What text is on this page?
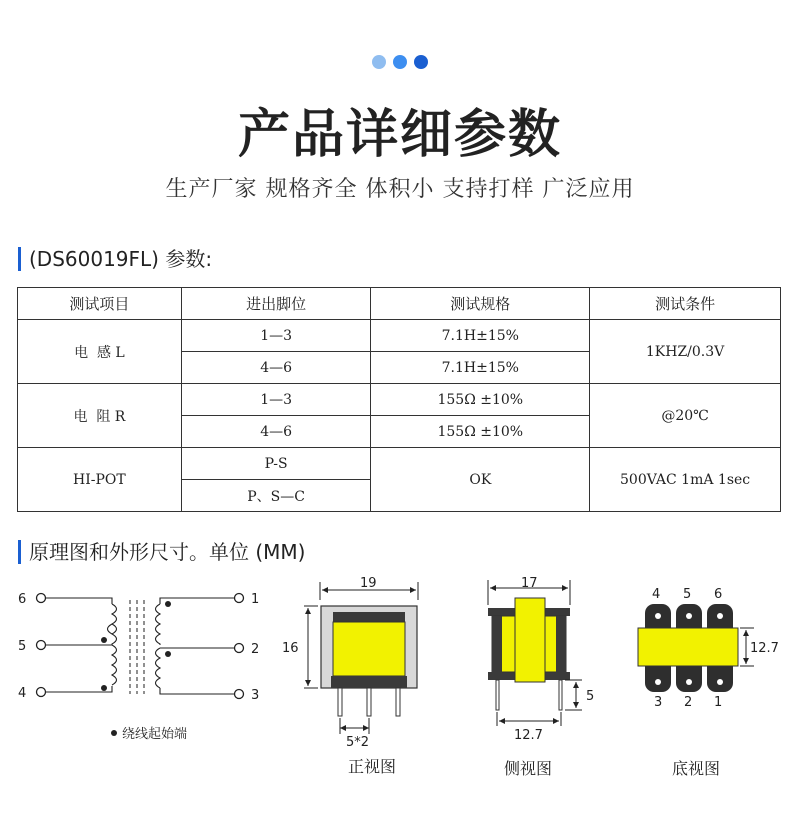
产品详细参数
生产厂家 规格齐全 体积小 支持打样 广泛应用
(DS60019FL) 参数:
测试项目	进出脚位	测试规格	测试条件
电  感 L	1—3	7.1H±15%	1KHZ/0.3V
	4—6	7.1H±15%	
电  阻 R	1—3	155Ω ±10%	@20℃
	4—6	155Ω ±10%	
HI-POT	P-S	OK	500VAC 1mA 1sec
	P、S—C		
原理图和外形尺寸。单位 (MM)
6
5
4
1
2
3
绕线起始端
19
16
5*2
正视图
17
5
12.7
侧视图
4 5 6
12.7
3 2 1
底视图
